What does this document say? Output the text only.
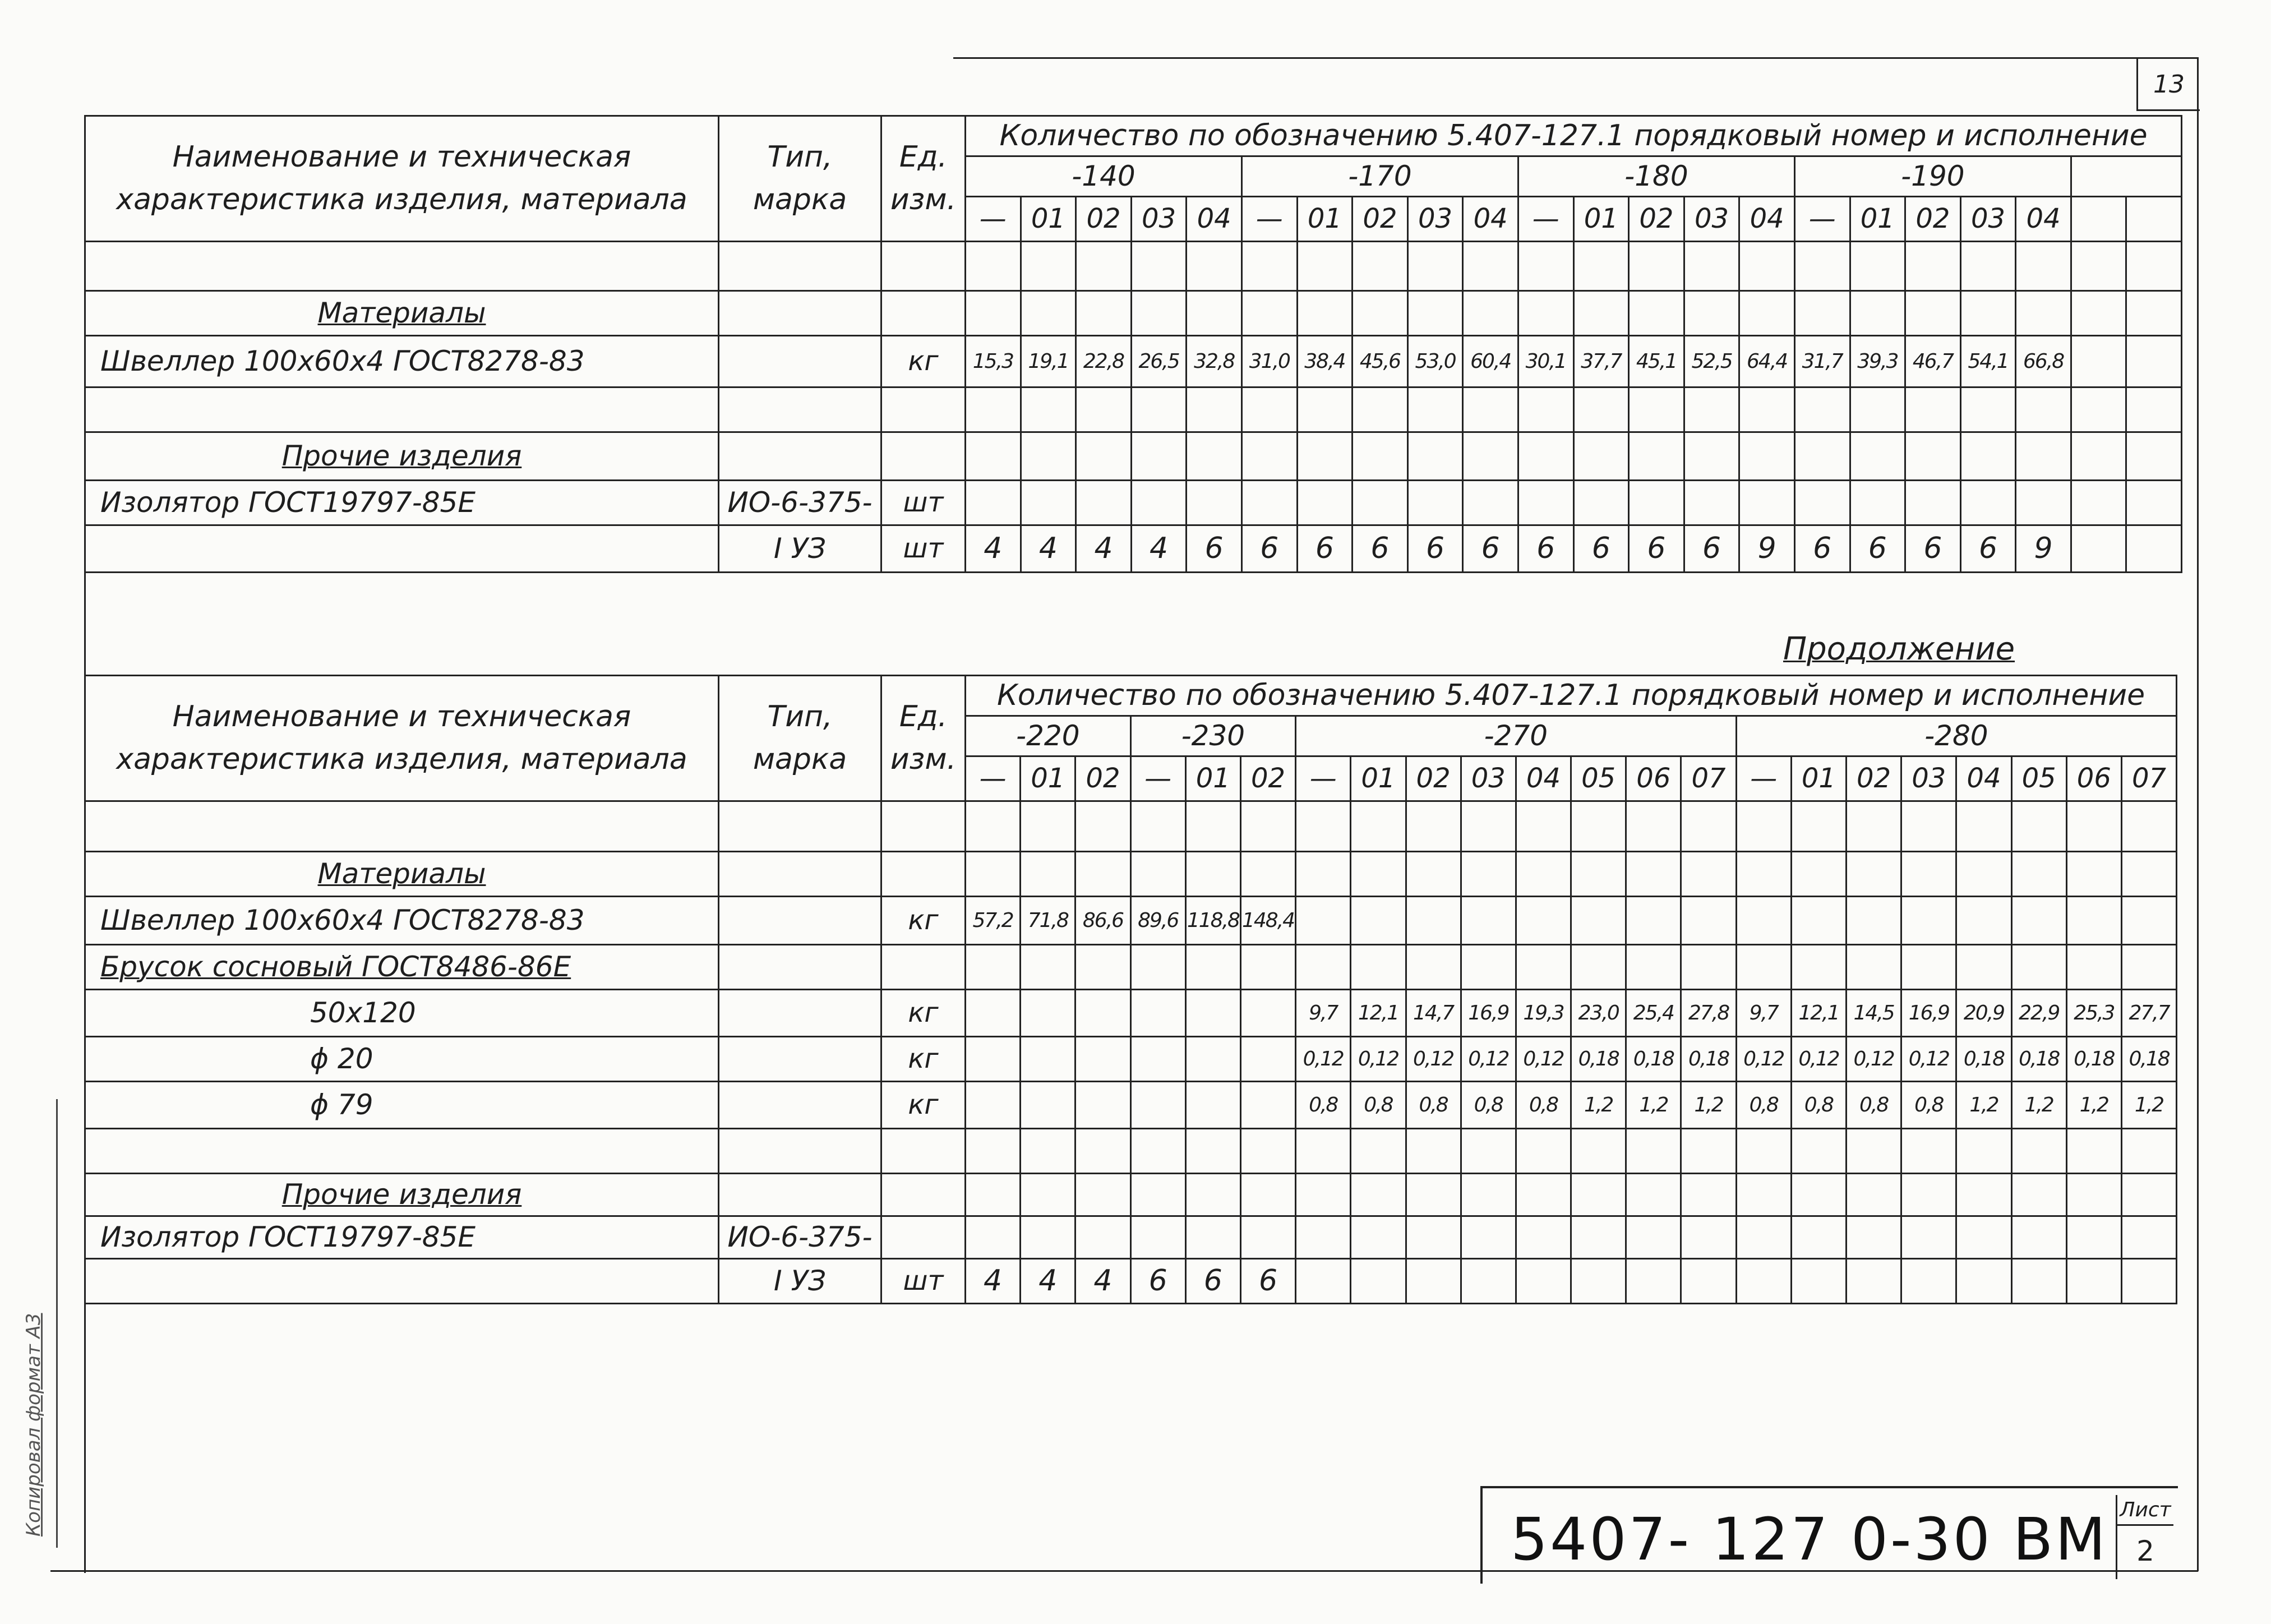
13
Наименование и техническая характеристика изделия, материала	Тип, марка	Ед. изм.	Количество по обозначению 5.407-127.1 порядковый номер и исполнение																					
			-140					-170					-180					-190						
			—	01	02	03	04	—	01	02	03	04	—	01	02	03	04	—	01	02	03	04		

Материалы																								
Швеллер 100х60х4 ГОСТ8278-83		кг	15,3	19,1	22,8	26,5	32,8	31,0	38,4	45,6	53,0	60,4	30,1	37,7	45,1	52,5	64,4	31,7	39,3	46,7	54,1	66,8		

Прочие изделия																								
Изолятор ГОСТ19797-85Е	ИО-6-375-	шт																						
	I УЗ	шт	4	4	4	4	6	6	6	6	6	6	6	6	6	6	9	6	6	6	6	9		
Продолжение
Наименование и техническая характеристика изделия, материала	Тип, марка	Ед. изм.	Количество по обозначению 5.407-127.1 порядковый номер и исполнение																					
			-220			-230			-270								-280							
			—	01	02	—	01	02	—	01	02	03	04	05	06	07	—	01	02	03	04	05	06	07

Материалы																								
Швеллер 100х60х4 ГОСТ8278-83		кг	57,2	71,8	86,6	89,6	118,8	148,4																
Брусок сосновый ГОСТ8486-86Е																								
50х120		кг							9,7	12,1	14,7	16,9	19,3	23,0	25,4	27,8	9,7	12,1	14,5	16,9	20,9	22,9	25,3	27,7
ϕ 20		кг							0,12	0,12	0,12	0,12	0,12	0,18	0,18	0,18	0,12	0,12	0,12	0,12	0,18	0,18	0,18	0,18
ϕ 79		кг							0,8	0,8	0,8	0,8	0,8	1,2	1,2	1,2	0,8	0,8	0,8	0,8	1,2	1,2	1,2	1,2

Прочие изделия																								
Изолятор ГОСТ19797-85Е	ИО-6-375-																							
	I УЗ	шт	4	4	4	6	6	6																
Копировал формат А3
5407- 127 0-30 ВМ Лист
2
